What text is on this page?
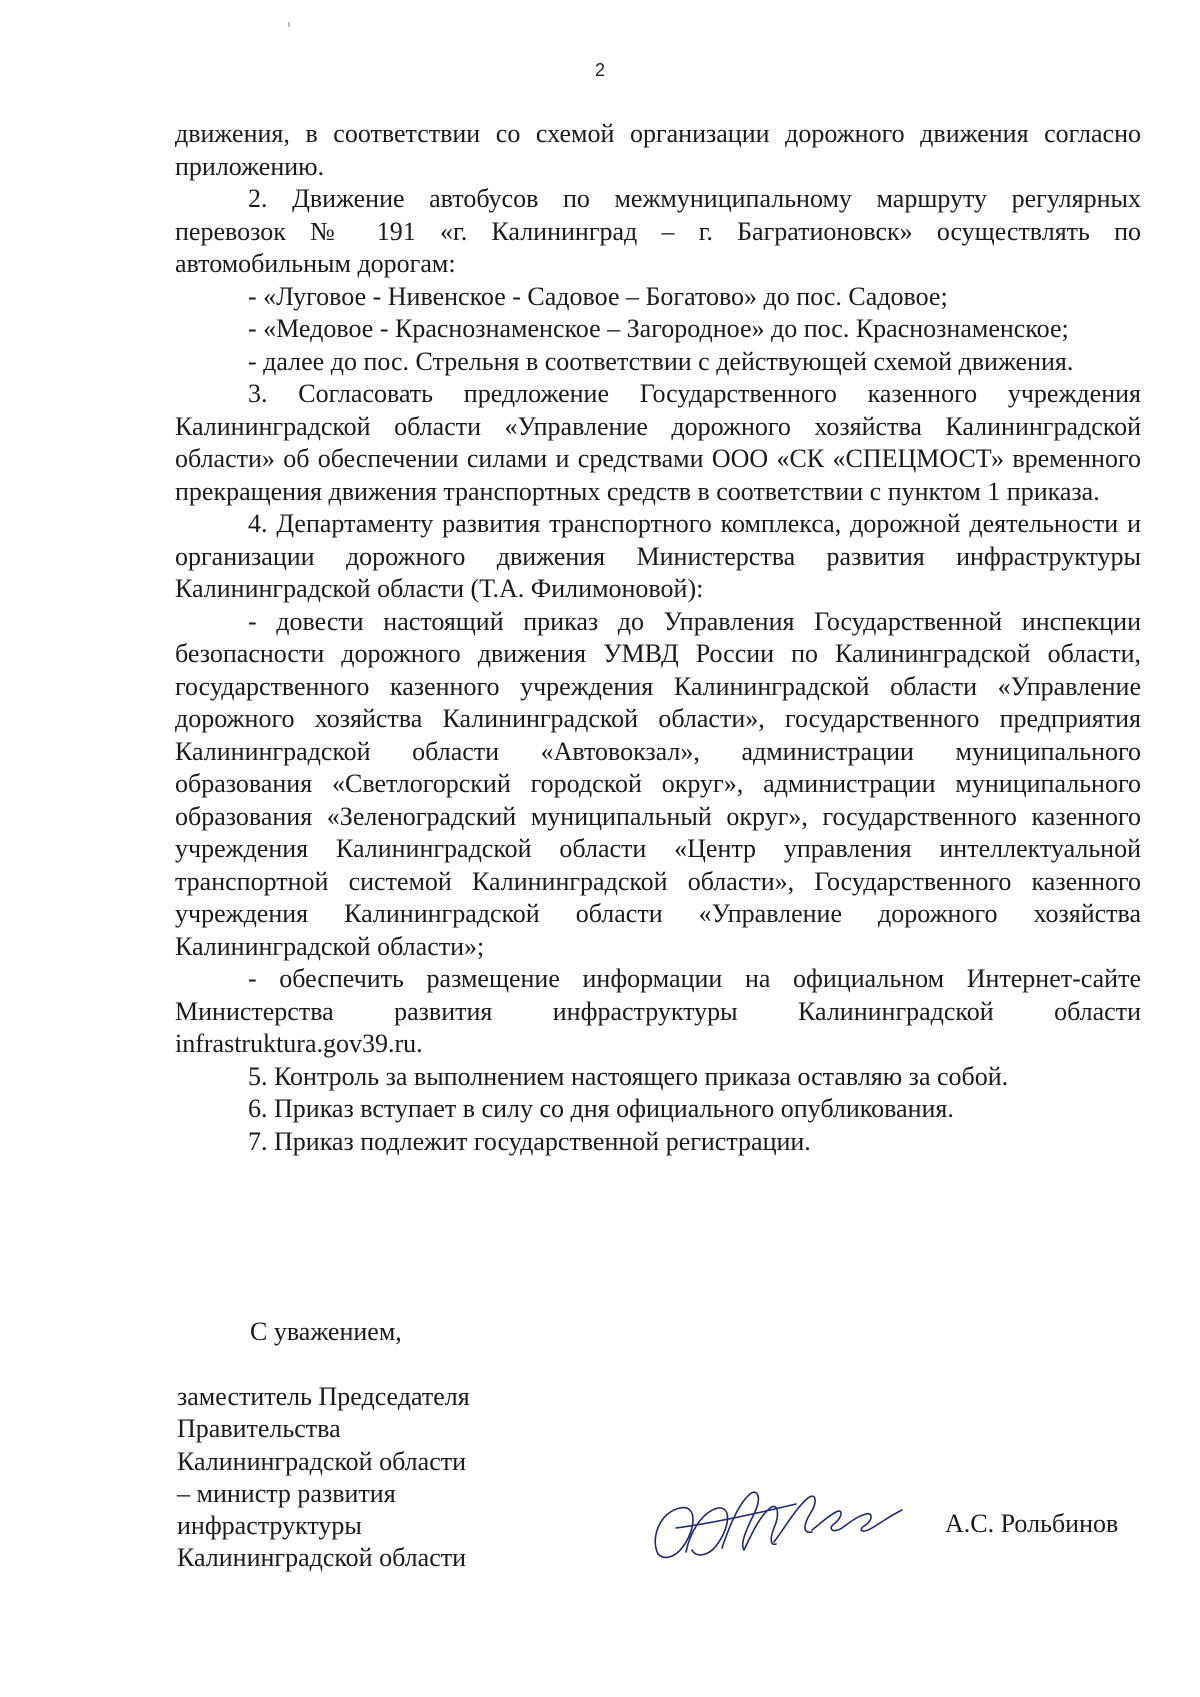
2

движения, в соответствии со схемой организации дорожного движения согласно приложению.

2. Движение автобусов по межмуниципальному маршруту регулярных перевозок № 191 «г. Калининград – г. Багратионовск» осуществлять по автомобильным дорогам:

- «Луговое - Нивенское - Садовое – Богатово» до пос. Садовое;

- «Медовое - Краснознаменское – Загородное» до пос. Краснознаменское;

- далее до пос. Стрельня в соответствии с действующей схемой движения.

3. Согласовать предложение Государственного казенного учреждения Калининградской области «Управление дорожного хозяйства Калининградской области» об обеспечении силами и средствами ООО «СК «СПЕЦМОСТ» временного прекращения движения транспортных средств в соответствии с пунктом 1 приказа.

4. Департаменту развития транспортного комплекса, дорожной деятельности и организации дорожного движения Министерства развития инфраструктуры Калининградской области (Т.А. Филимоновой):

- довести настоящий приказ до Управления Государственной инспекции безопасности дорожного движения УМВД России по Калининградской области, государственного казенного учреждения Калининградской области «Управление дорожного хозяйства Калининградской области», государственного предприятия Калининградской области «Автовокзал», администрации муниципального образования «Светлогорский городской округ», администрации муниципального образования «Зеленоградский муниципальный округ», государственного казенного учреждения Калининградской области «Центр управления интеллектуальной транспортной системой Калининградской области», Государственного казенного учреждения Калининградской области «Управление дорожного хозяйства Калининградской области»;

- обеспечить размещение информации на официальном Интернет-сайте Министерства развития инфраструктуры Калининградской области infrastruktura.gov39.ru.

5. Контроль за выполнением настоящего приказа оставляю за собой.

6. Приказ вступает в силу со дня официального опубликования.

7. Приказ подлежит государственной регистрации.

С уважением,
заместитель Председателя
Правительства
Калининградской области
– министр развития
инфраструктуры
Калининградской области
А.С. Рольбинов
